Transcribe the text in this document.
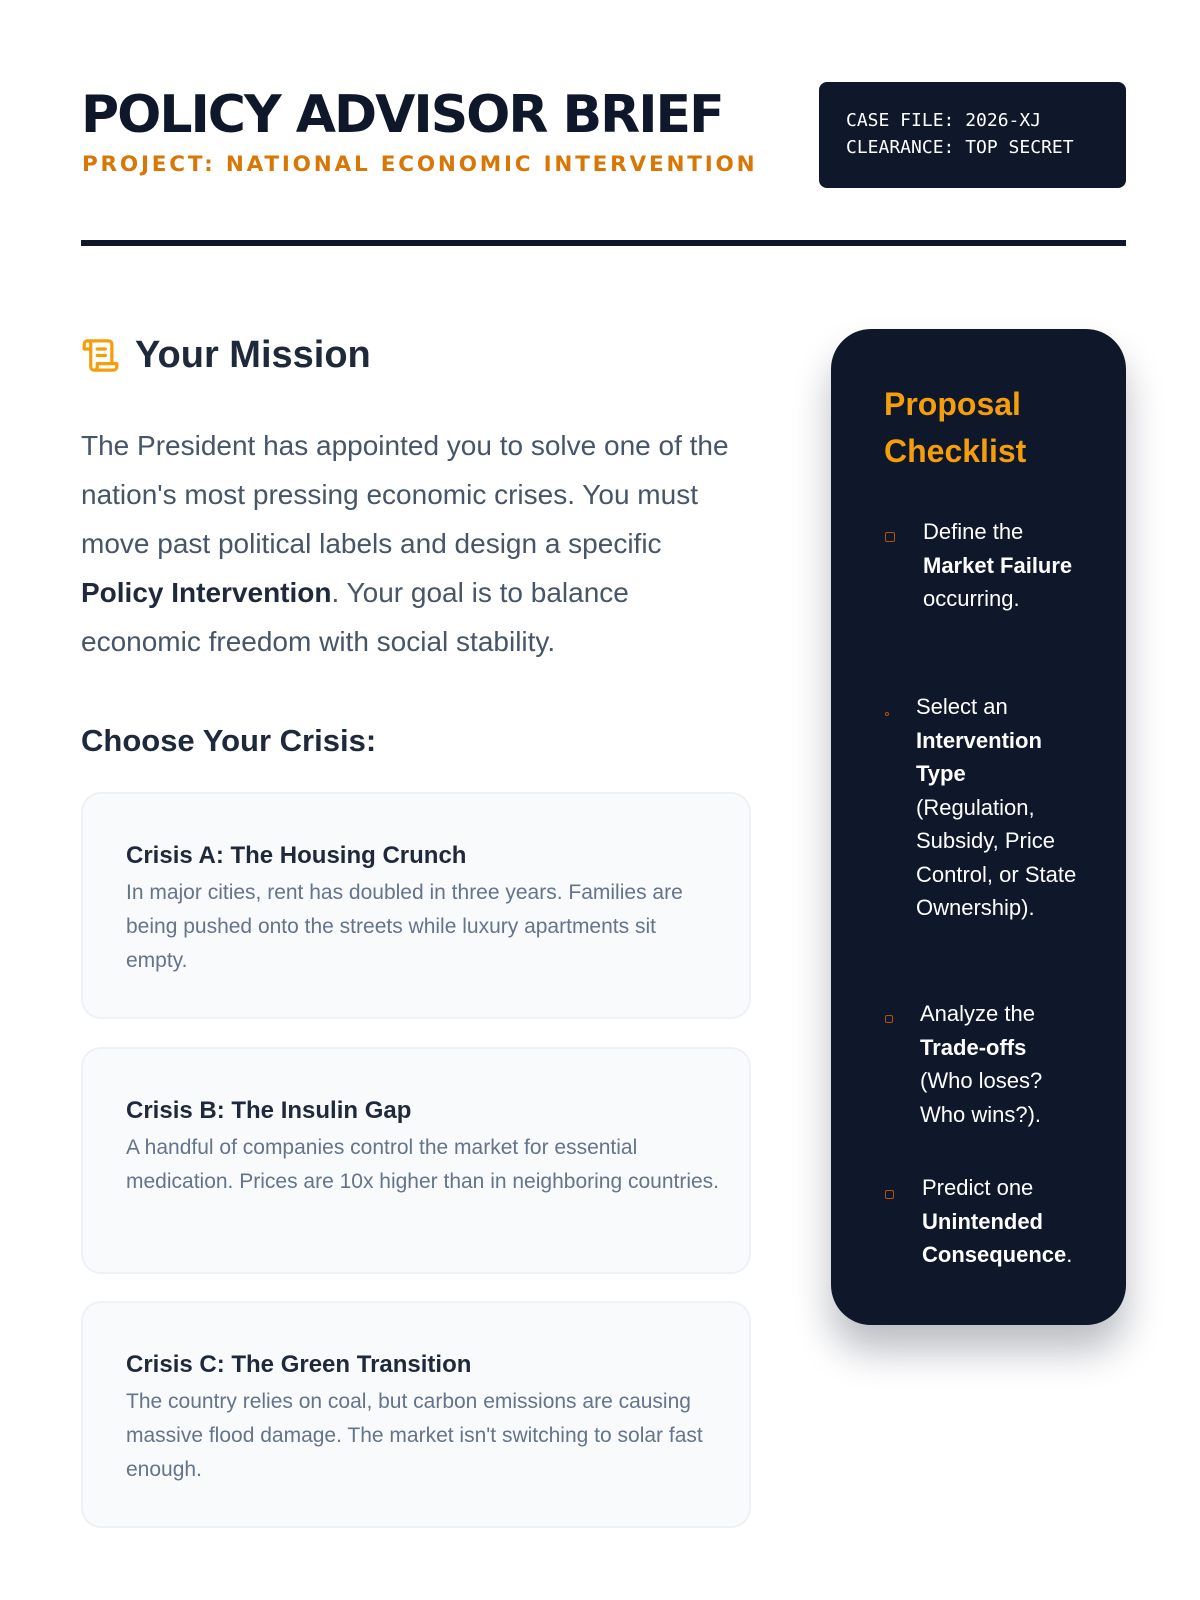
POLICY ADVISOR BRIEF
PROJECT: NATIONAL ECONOMIC INTERVENTION
CASE FILE: 2026-XJ
CLEARANCE: TOP SECRET
Your Mission

The President has appointed you to solve one of the nation's most pressing economic crises. You must move past political labels and design a specific Policy Intervention. Your goal is to balance economic freedom with social stability.

Choose Your Crisis:
Crisis A: The Housing Crunch

In major cities, rent has doubled in three years. Families are being pushed onto the streets while luxury apartments sit empty.

Crisis B: The Insulin Gap

A handful of companies control the market for essential medication. Prices are 10x higher than in neighboring countries.

Crisis C: The Green Transition

The country relies on coal, but carbon emissions are causing massive flood damage. The market isn't switching to solar fast enough.

Proposal
Checklist

Define the Market Failure occurring.

Select an Intervention Type (Regulation, Subsidy, Price Control, or State Ownership).

Analyze the Trade-offs (Who loses? Who wins?).

Predict one Unintended Consequence.
